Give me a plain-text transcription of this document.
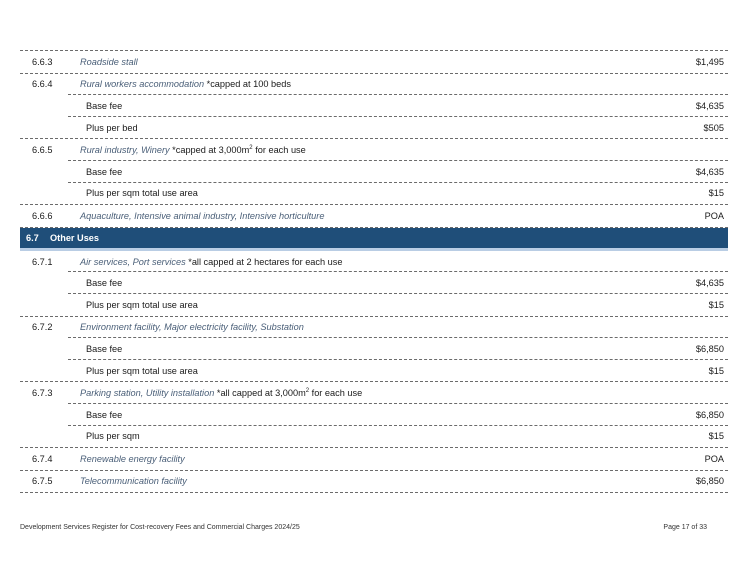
6.6.3	Roadside stall	$1,495
6.6.4	Rural workers accommodation *capped at 100 beds
Base fee	$4,635
Plus per bed	$505
6.6.5	Rural industry, Winery *capped at $3,000m^2$ for each use
Base fee	$4,635
Plus per sqm total use area	$15
6.6.6	Aquaculture, Intensive animal industry, Intensive horticulture	POA
6.7	Other Uses
6.7.1	Air services, Port services *all capped at 2 hectares for each use
Base fee	$4,635
Plus per sqm total use area	$15
6.7.2	Environment facility, Major electricity facility, Substation
Base fee	$6,850
Plus per sqm total use area	$15
6.7.3	Parking station, Utility installation *all capped at $3,000m^2$ for each use
Base fee	$6,850
Plus per sqm	$15
6.7.4	Renewable energy facility	POA
6.7.5	Telecommunication facility	$6,850
Development Services Register for Cost-recovery Fees and Commercial Charges 2024/25	Page 17 of 33
